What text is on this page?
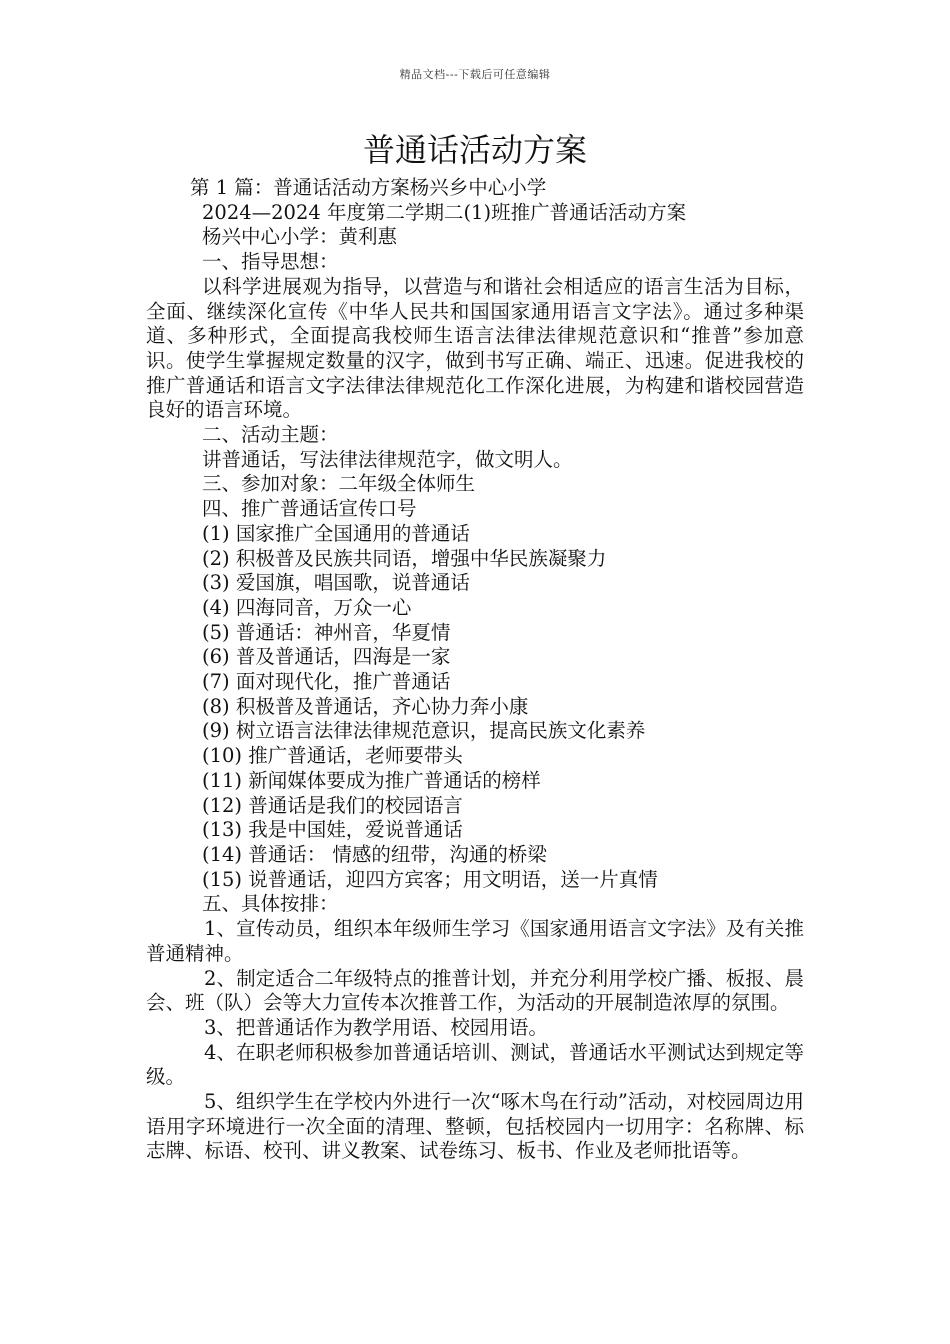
精品文档---下载后可任意编辑
普通话活动方案

第 1 篇：普通话活动方案杨兴乡中心小学

2024—2024 年度第二学期二(1)班推广普通话活动方案

杨兴中心小学：黄利惠

一、指导思想：

以科学进展观为指导，以营造与和谐社会相适应的语言生活为目标，全面、继续深化宣传《中华人民共和国国家通用语言文字法》。通过多种渠道、多种形式，全面提高我校师生语言法律法律规范意识和“推普”参加意识。使学生掌握规定数量的汉字，做到书写正确、端正、迅速。促进我校的推广普通话和语言文字法律法律规范化工作深化进展，为构建和谐校园营造良好的语言环境。

二、活动主题：

讲普通话，写法律法律规范字，做文明人。

三、参加对象：二年级全体师生

四、推广普通话宣传口号

(1) 国家推广全国通用的普通话

(2) 积极普及民族共同语，增强中华民族凝聚力

(3) 爱国旗，唱国歌，说普通话

(4) 四海同音，万众一心

(5) 普通话：神州音，华夏情

(6) 普及普通话，四海是一家

(7) 面对现代化，推广普通话

(8) 积极普及普通话，齐心协力奔小康

(9) 树立语言法律法律规范意识，提高民族文化素养

(10) 推广普通话，老师要带头

(11) 新闻媒体要成为推广普通话的榜样

(12) 普通话是我们的校园语言

(13) 我是中国娃，爱说普通话

(14) 普通话： 情感的纽带，沟通的桥梁

(15) 说普通话，迎四方宾客；用文明语，送一片真情

五、具体按排：

1、宣传动员，组织本年级师生学习《国家通用语言文字法》及有关推普通精神。

2、制定适合二年级特点的推普计划，并充分利用学校广播、板报、晨会、班（队）会等大力宣传本次推普工作，为活动的开展制造浓厚的氛围。

3、把普通话作为教学用语、校园用语。

4、在职老师积极参加普通话培训、测试，普通话水平测试达到规定等级。

5、组织学生在学校内外进行一次“啄木鸟在行动”活动，对校园周边用语用字环境进行一次全面的清理、整顿，包括校园内一切用字：名称牌、标志牌、标语、校刊、讲义教案、试卷练习、板书、作业及老师批语等。
